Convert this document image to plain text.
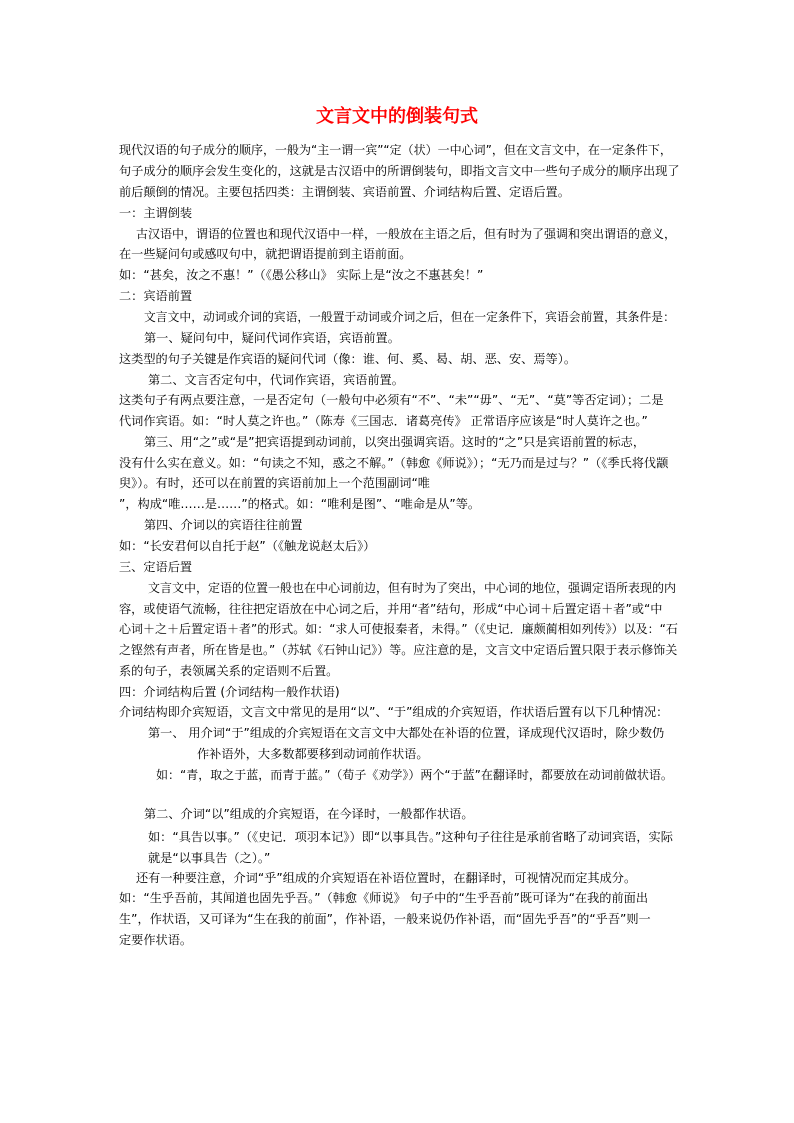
文言文中的倒装句式

现代汉语的句子成分的顺序，一般为“主一谓一宾”“定（状）一中心词”，但在文言文中，在一定条件下，

句子成分的顺序会发生变化的，这就是古汉语中的所谓倒装句，即指文言文中一些句子成分的顺序出现了

前后颠倒的情况。主要包括四类：主谓倒装、宾语前置、介词结构后置、定语后置。

一：主谓倒装

古汉语中，谓语的位置也和现代汉语中一样，一般放在主语之后，但有时为了强调和突出谓语的意义，

在一些疑问句或感叹句中，就把谓语提前到主语前面。

如：“甚矣，汝之不惠！”（《愚公移山》 实际上是“汝之不惠甚矣！”

二：宾语前置

文言文中，动词或介词的宾语，一般置于动词或介词之后，但在一定条件下，宾语会前置，其条件是：

第一、疑问句中，疑问代词作宾语，宾语前置。

这类型的句子关键是作宾语的疑问代词（像：谁、何、奚、曷、胡、恶、安、焉等）。

第二、文言否定句中，代词作宾语，宾语前置。

这类句子有两点要注意，一是否定句（一般句中必须有“不”、“未”“毋”、“无”、“莫”等否定词）；二是

代词作宾语。如：“时人莫之许也。”（陈寿《三国志．诸葛亮传》 正常语序应该是“时人莫许之也。”

第三、用“之”或“是”把宾语提到动词前，以突出强调宾语。这时的“之”只是宾语前置的标志，

没有什么实在意义。如：“句读之不知，惑之不解。”（韩愈《师说》）；“无乃而是过与？”（《季氏将伐颛

臾》）。有时，还可以在前置的宾语前加上一个范围副词“唯

”，构成“唯……是……”的格式。如：“唯利是图”、“唯命是从”等。

第四、介词以的宾语往往前置

如：“长安君何以自托于赵”（《触龙说赵太后》）

三、定语后置

文言文中，定语的位置一般也在中心词前边，但有时为了突出，中心词的地位，强调定语所表现的内

容，或使语气流畅，往往把定语放在中心词之后，并用“者”结句，形成“中心词＋后置定语＋者”或“中

心词＋之＋后置定语＋者”的形式。如：“求人可使报秦者，未得。”（《史记．廉颇蔺相如列传》）以及：“石

之铿然有声者，所在皆是也。”（苏轼《石钟山记》）等。应注意的是，文言文中定语后置只限于表示修饰关

系的句子，表领属关系的定语则不后置。

四：介词结构后置 (介词结构一般作状语)

介词结构即介宾短语，文言文中常见的是用“以”、“于”组成的介宾短语，作状语后置有以下几种情况：

第一、 用介词“于”组成的介宾短语在文言文中大都处在补语的位置，译成现代汉语时，除少数仍

作补语外，大多数都要移到动词前作状语。

如：“青，取之于蓝，而青于蓝。”（荀子《劝学》）两个“于蓝”在翻译时，都要放在动词前做状语。

第二、介词“以”组成的介宾短语，在今译时，一般都作状语。

如：“具告以事。”（《史记．项羽本记》）即“以事具告。”这种句子往往是承前省略了动词宾语，实际

就是“以事具告（之）。”

还有一种要注意，介词“乎”组成的介宾短语在补语位置时，在翻译时，可视情况而定其成分。

如：“生乎吾前，其闻道也固先乎吾。”（韩愈《师说》 句子中的“生乎吾前”既可译为“在我的前面出

生”，作状语，又可译为“生在我的前面”，作补语，一般来说仍作补语，而“固先乎吾”的“乎吾”则一

定要作状语。
